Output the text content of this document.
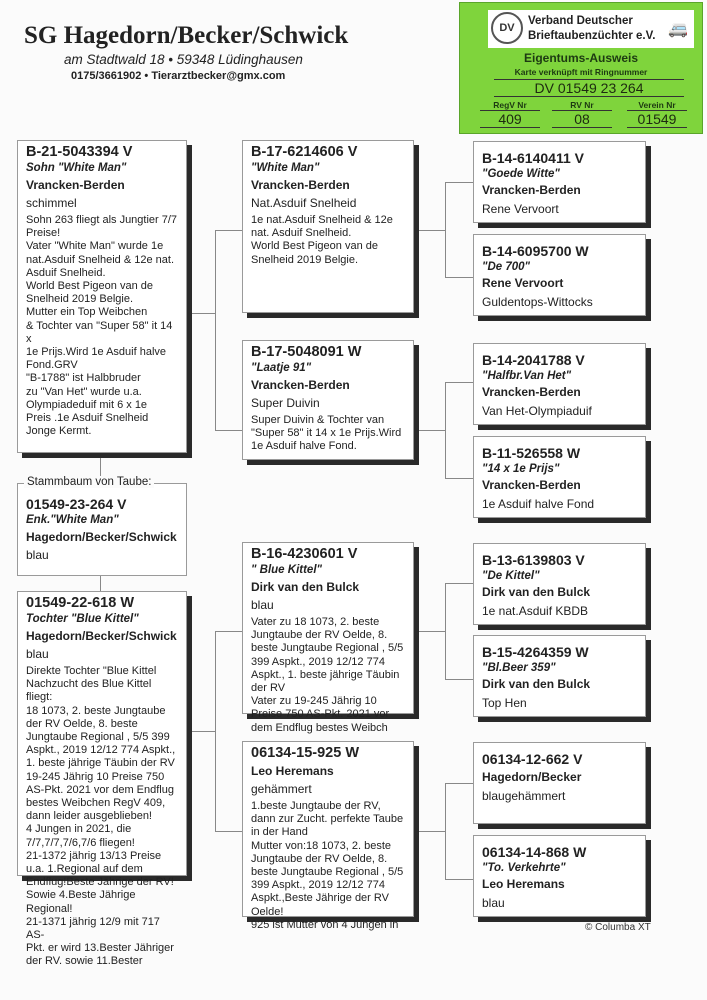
SG Hagedorn/Becker/Schwick
am Stadtwald 18 • 59348 Lüdinghausen
0175/3661902 • Tierarztbecker@gmx.com
DV
Verband Deutscher
Brieftaubenzüchter e.V. 🚐
Eigentums-Ausweis
Karte verknüpft mit Ringnummer
DV 01549 23 264
RegV Nr
409
RV Nr
08
Verein Nr
01549
B-21-5043394 V
Sohn "White Man"
Vrancken-Berden
schimmel
Sohn 263 fliegt als Jungtier 7/7
Preise!
Vater "White Man" wurde 1e
nat.Asduif Snelheid & 12e nat.
Asduif Snelheid.
World Best Pigeon van de
Snelheid 2019 Belgie.
Mutter ein Top Weibchen
& Tochter van "Super 58" it 14 x
1e Prijs.Wird 1e Asduif halve
Fond.GRV
"B-1788" ist Halbbruder
zu "Van Het" wurde u.a.
Olympiadeduif mit 6 x 1e
Preis .1e Asduif Snelheid
Jonge Kermt.
Stammbaum von Taube:
01549-23-264 V
Enk."White Man"
Hagedorn/Becker/Schwick
blau
01549-22-618 W
Tochter "Blue Kittel"
Hagedorn/Becker/Schwick
blau
Direkte Tochter "Blue Kittel
Nachzucht des Blue Kittel fliegt:
18 1073, 2. beste Jungtaube
der RV Oelde, 8. beste
Jungtaube Regional , 5/5 399
Aspkt., 2019 12/12 774 Aspkt.,
1. beste jährige Täubin der RV
19-245 Jährig 10 Preise 750
AS-Pkt. 2021 vor dem Endflug
bestes Weibchen RegV 409,
dann leider ausgeblieben!
4 Jungen in 2021, die
7/7,7/7,7/6,7/6 fliegen!
21-1372 jährig 13/13 Preise
u.a. 1.Regional auf dem
Endflug!Beste Jährige der RV!
Sowie 4.Beste Jährige
Regional!
21-1371 jährig 12/9 mit 717 AS-
Pkt. er wird 13.Bester Jähriger
der RV. sowie 11.Bester
B-17-6214606 V
"White Man"
Vrancken-Berden
Nat.Asduif Snelheid
1e nat.Asduif Snelheid & 12e
nat. Asduif Snelheid.
World Best Pigeon van de
Snelheid 2019 Belgie.
B-17-5048091 W
"Laatje 91"
Vrancken-Berden
Super Duivin
Super Duivin & Tochter van
"Super 58" it 14 x 1e Prijs.Wird
1e Asduif halve Fond.
B-16-4230601 V
" Blue Kittel"
Dirk van den Bulck
blau
Vater zu 18 1073, 2. beste
Jungtaube der RV Oelde, 8.
beste Jungtaube Regional , 5/5
399 Aspkt., 2019 12/12 774
Aspkt., 1. beste jährige Täubin
der RV
Vater zu 19-245 Jährig 10
Preise 750 AS-Pkt. 2021 vor
dem Endflug bestes Weibch
06134-15-925 W
Leo Heremans
gehämmert
1.beste Jungtaube der RV,
dann zur Zucht. perfekte Taube
in der Hand
Mutter von:18 1073, 2. beste
Jungtaube der RV Oelde, 8.
beste Jungtaube Regional , 5/5
399 Aspkt., 2019 12/12 774
Aspkt.,Beste Jährige der RV
Oelde!
925 ist Mutter von 4 Jungen in
B-14-6140411 V
"Goede Witte"
Vrancken-Berden
Rene Vervoort
B-14-6095700 W
"De 700"
Rene Vervoort
Guldentops-Wittocks
B-14-2041788 V
"Halfbr.Van Het"
Vrancken-Berden
Van Het-Olympiaduif
B-11-526558 W
"14 x 1e Prijs"
Vrancken-Berden
1e Asduif halve Fond
B-13-6139803 V
"De Kittel"
Dirk van den Bulck
1e nat.Asduif KBDB
B-15-4264359 W
"Bl.Beer 359"
Dirk van den Bulck
Top Hen
06134-12-662 V
Hagedorn/Becker
blaugehämmert
06134-14-868 W
"To. Verkehrte"
Leo Heremans
blau
© Columba XT
